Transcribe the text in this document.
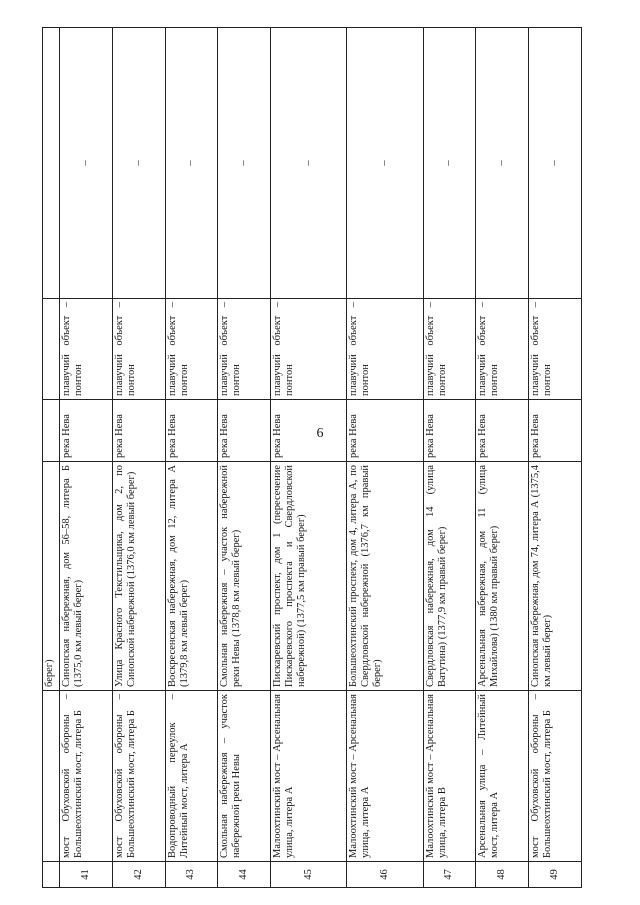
6
		берег)			
41	мост Обуховской обороны – Большеохтинский мост, литера Б	Синопская набережная, дом 56–58, литера Б (1375,0 км левый берег)	река Нева	плавучий объект – понтон	–
42	мост Обуховской обороны – Большеохтинский мост, литера Б	Улица Красного Текстильщика, дом 2, по Синопской набережной (1376,0 км левый берег)	река Нева	плавучий объект – понтон	–
43	Водопроводный переулок – Литейный мост, литера А	Воскресенская набережная, дом 12, литера А (1379,8 км левый берег)	река Нева	плавучий объект – понтон	–
44	Смольная набережная – участок набережной реки Невы	Смольная набережная – участок набережной реки Невы (1378,8 км левый берег)	река Нева	плавучий объект – понтон	–
45	Малоохтинский мост – Арсенальная улица, литера А	Пискаревский проспект, дом 1 (пересечение Пискаревского проспекта и Свердловской набережной) (1377,5 км правый берег)	река Нева	плавучий объект – понтон	–
46	Малоохтинский мост – Арсенальная улица, литера А	Большеохтинский проспект, дом 4, литера А, по Свердловской набережной (1376,7 км правый берег)	река Нева	плавучий объект – понтон	–
47	Малоохтинский мост – Арсенальная улица, литера В	Свердловская набережная, дом 14 (улица Ватутина) (1377,9 км правый берег)	река Нева	плавучий объект – понтон	–
48	Арсенальная улица – Литейный мост, литера А	Арсенальная набережная, дом 11 (улица Михайлова) (1380 км правый берег)	река Нева	плавучий объект – понтон	–
49	мост Обуховской обороны – Большеохтинский мост, литера Б	Синопская набережная, дом 74, литера А (1375,4 км левый берег)	река Нева	плавучий объект – понтон	–
